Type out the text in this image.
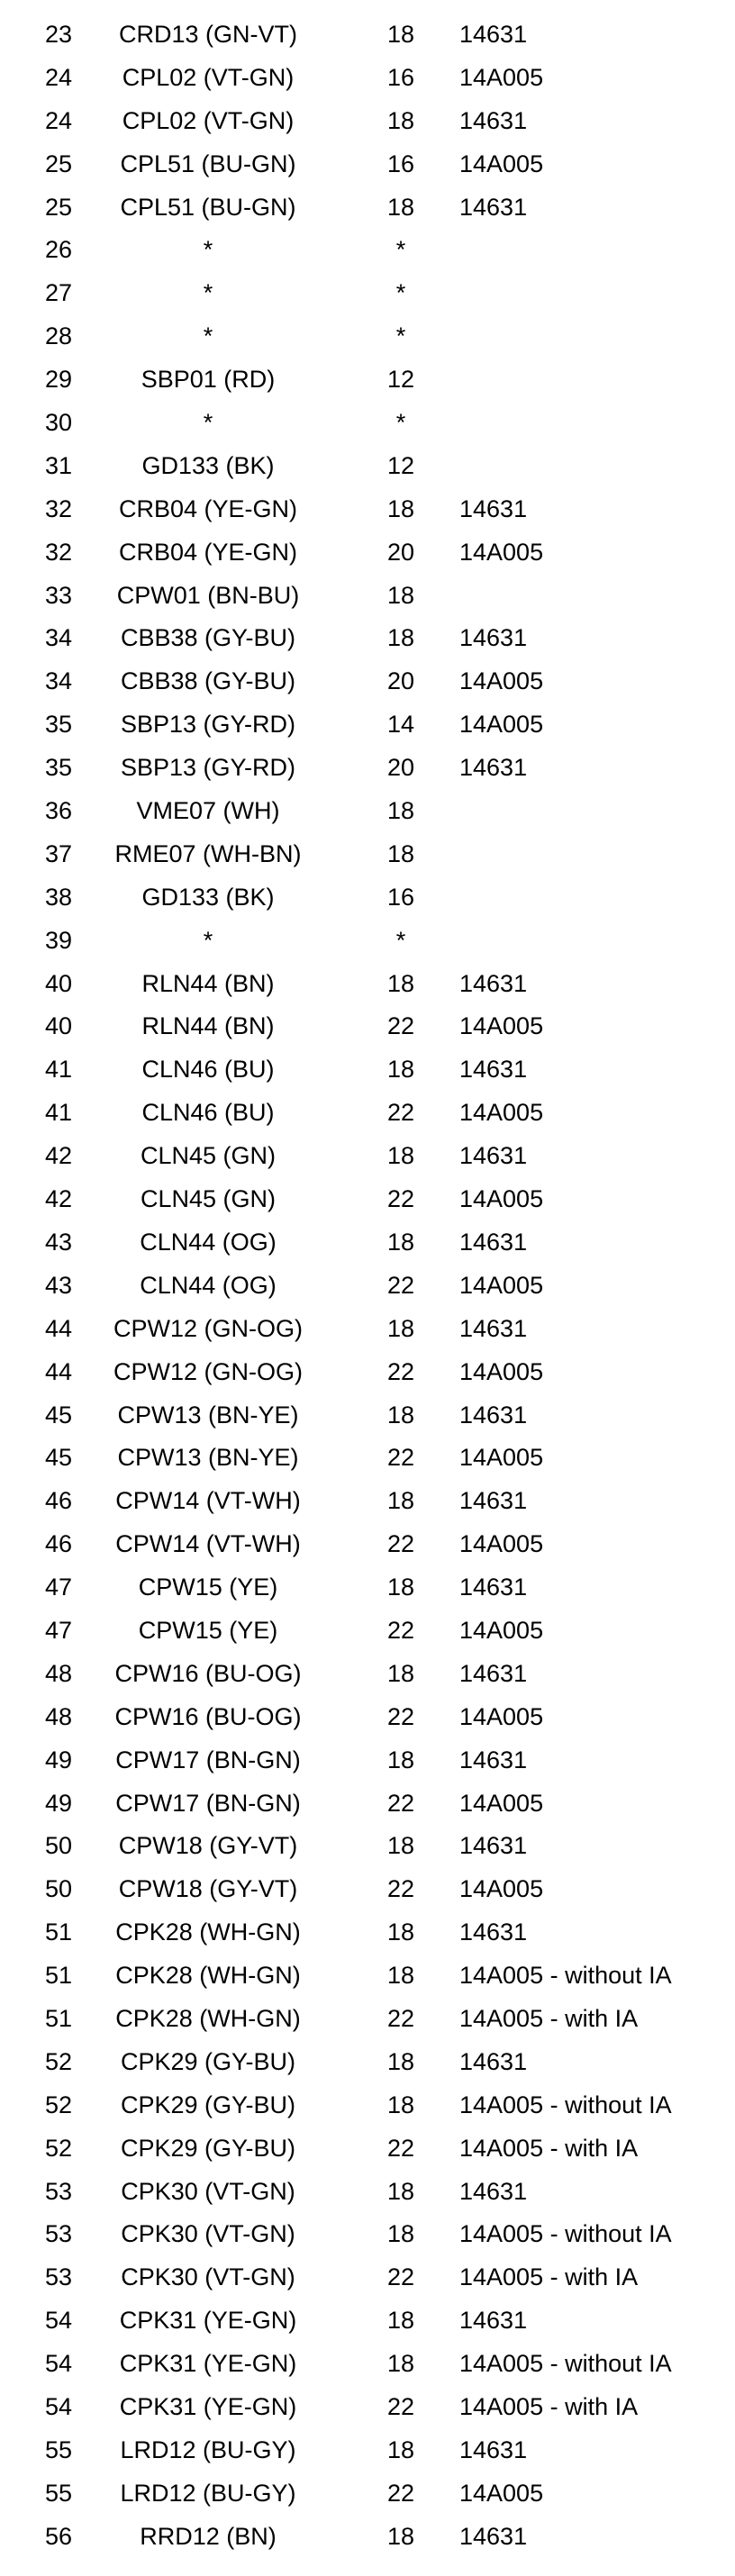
23	CRD13 (GN-VT)	18	14631
24	CPL02 (VT-GN)	16	14A005
24	CPL02 (VT-GN)	18	14631
25	CPL51 (BU-GN)	16	14A005
25	CPL51 (BU-GN)	18	14631
26	*	*
27	*	*
28	*	*
29	SBP01 (RD)	12
30	*	*
31	GD133 (BK)	12
32	CRB04 (YE-GN)	18	14631
32	CRB04 (YE-GN)	20	14A005
33	CPW01 (BN-BU)	18
34	CBB38 (GY-BU)	18	14631
34	CBB38 (GY-BU)	20	14A005
35	SBP13 (GY-RD)	14	14A005
35	SBP13 (GY-RD)	20	14631
36	VME07 (WH)	18
37	RME07 (WH-BN)	18
38	GD133 (BK)	16
39	*	*
40	RLN44 (BN)	18	14631
40	RLN44 (BN)	22	14A005
41	CLN46 (BU)	18	14631
41	CLN46 (BU)	22	14A005
42	CLN45 (GN)	18	14631
42	CLN45 (GN)	22	14A005
43	CLN44 (OG)	18	14631
43	CLN44 (OG)	22	14A005
44	CPW12 (GN-OG)	18	14631
44	CPW12 (GN-OG)	22	14A005
45	CPW13 (BN-YE)	18	14631
45	CPW13 (BN-YE)	22	14A005
46	CPW14 (VT-WH)	18	14631
46	CPW14 (VT-WH)	22	14A005
47	CPW15 (YE)	18	14631
47	CPW15 (YE)	22	14A005
48	CPW16 (BU-OG)	18	14631
48	CPW16 (BU-OG)	22	14A005
49	CPW17 (BN-GN)	18	14631
49	CPW17 (BN-GN)	22	14A005
50	CPW18 (GY-VT)	18	14631
50	CPW18 (GY-VT)	22	14A005
51	CPK28 (WH-GN)	18	14631
51	CPK28 (WH-GN)	18	14A005 - without IA
51	CPK28 (WH-GN)	22	14A005 - with IA
52	CPK29 (GY-BU)	18	14631
52	CPK29 (GY-BU)	18	14A005 - without IA
52	CPK29 (GY-BU)	22	14A005 - with IA
53	CPK30 (VT-GN)	18	14631
53	CPK30 (VT-GN)	18	14A005 - without IA
53	CPK30 (VT-GN)	22	14A005 - with IA
54	CPK31 (YE-GN)	18	14631
54	CPK31 (YE-GN)	18	14A005 - without IA
54	CPK31 (YE-GN)	22	14A005 - with IA
55	LRD12 (BU-GY)	18	14631
55	LRD12 (BU-GY)	22	14A005
56	RRD12 (BN)	18	14631
